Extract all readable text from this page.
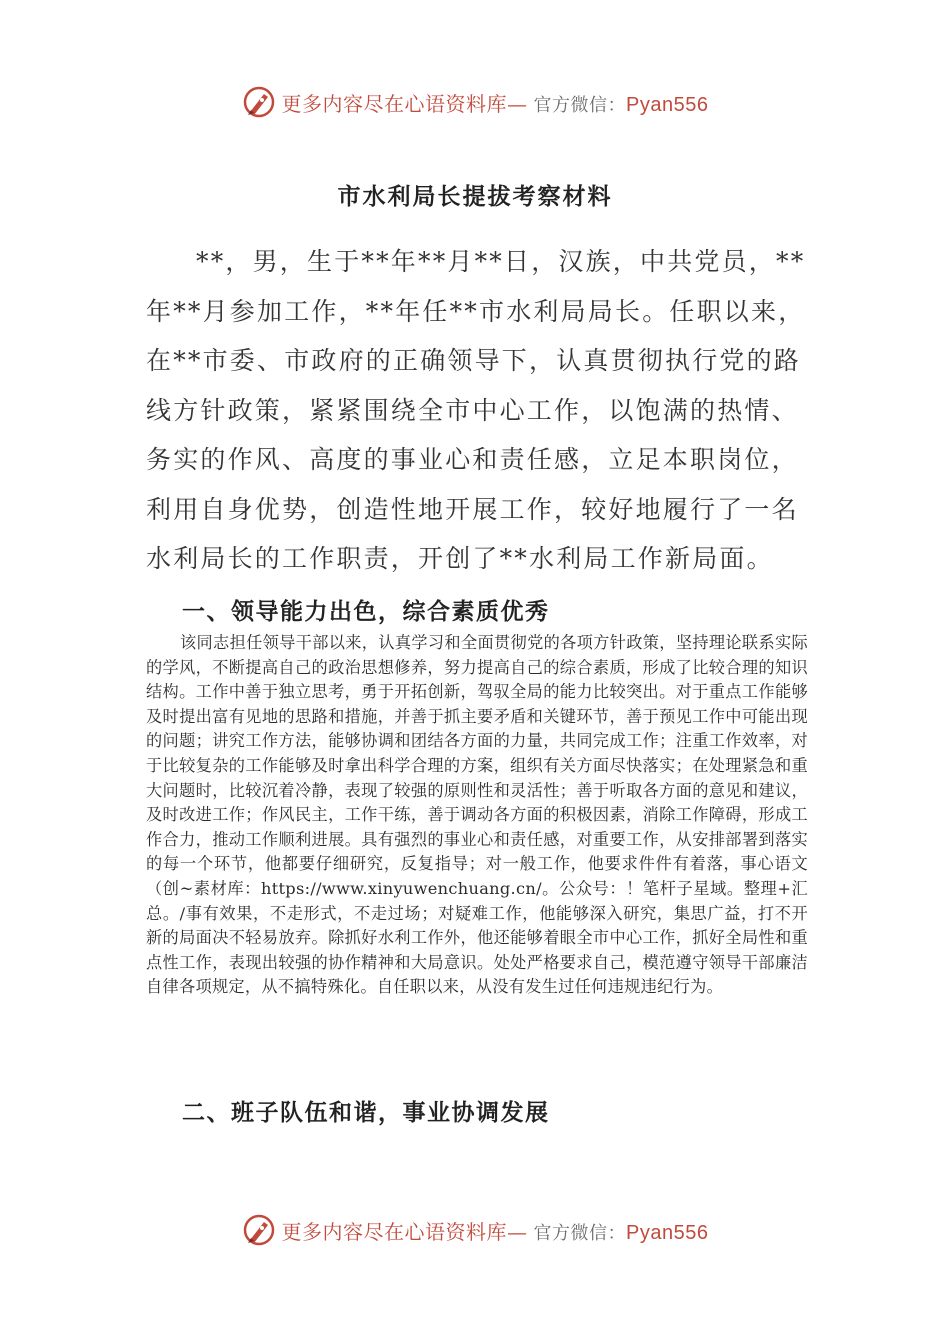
更多内容尽在心语资料库— 官方微信：Pyan556
市水利局长提拔考察材料

**，男，生于**年**月**日，汉族，中共党员，**年**月参加工作，**年任**市水利局局长。任职以来，在**市委、市政府的正确领导下，认真贯彻执行党的路线方针政策，紧紧围绕全市中心工作，以饱满的热情、务实的作风、高度的事业心和责任感，立足本职岗位，利用自身优势，创造性地开展工作，较好地履行了一名水利局长的工作职责，开创了**水利局工作新局面。

一、领导能力出色，综合素质优秀

该同志担任领导干部以来，认真学习和全面贯彻党的各项方针政策，坚持理论联系实际的学风，不断提高自己的政治思想修养，努力提高自己的综合素质，形成了比较合理的知识结构。工作中善于独立思考，勇于开拓创新，驾驭全局的能力比较突出。对于重点工作能够及时提出富有见地的思路和措施，并善于抓主要矛盾和关键环节，善于预见工作中可能出现的问题；讲究工作方法，能够协调和团结各方面的力量，共同完成工作；注重工作效率，对于比较复杂的工作能够及时拿出科学合理的方案，组织有关方面尽快落实；在处理紧急和重大问题时，比较沉着冷静，表现了较强的原则性和灵活性；善于听取各方面的意见和建议，及时改进工作；作风民主，工作干练，善于调动各方面的积极因素，消除工作障碍，形成工作合力，推动工作顺利进展。具有强烈的事业心和责任感，对重要工作，从安排部署到落实的每一个环节，他都要仔细研究，反复指导；对一般工作，他要求件件有着落，事心语文（创~素材库：https://www.xinyuwenchuang.cn/。公众号：！笔杆子星域。整理+汇总。/事有效果，不走形式，不走过场；对疑难工作，他能够深入研究，集思广益，打不开新的局面决不轻易放弃。除抓好水利工作外，他还能够着眼全市中心工作，抓好全局性和重点性工作，表现出较强的协作精神和大局意识。处处严格要求自己，模范遵守领导干部廉洁自律各项规定，从不搞特殊化。自任职以来，从没有发生过任何违规违纪行为。

二、班子队伍和谐，事业协调发展
更多内容尽在心语资料库— 官方微信：Pyan556
